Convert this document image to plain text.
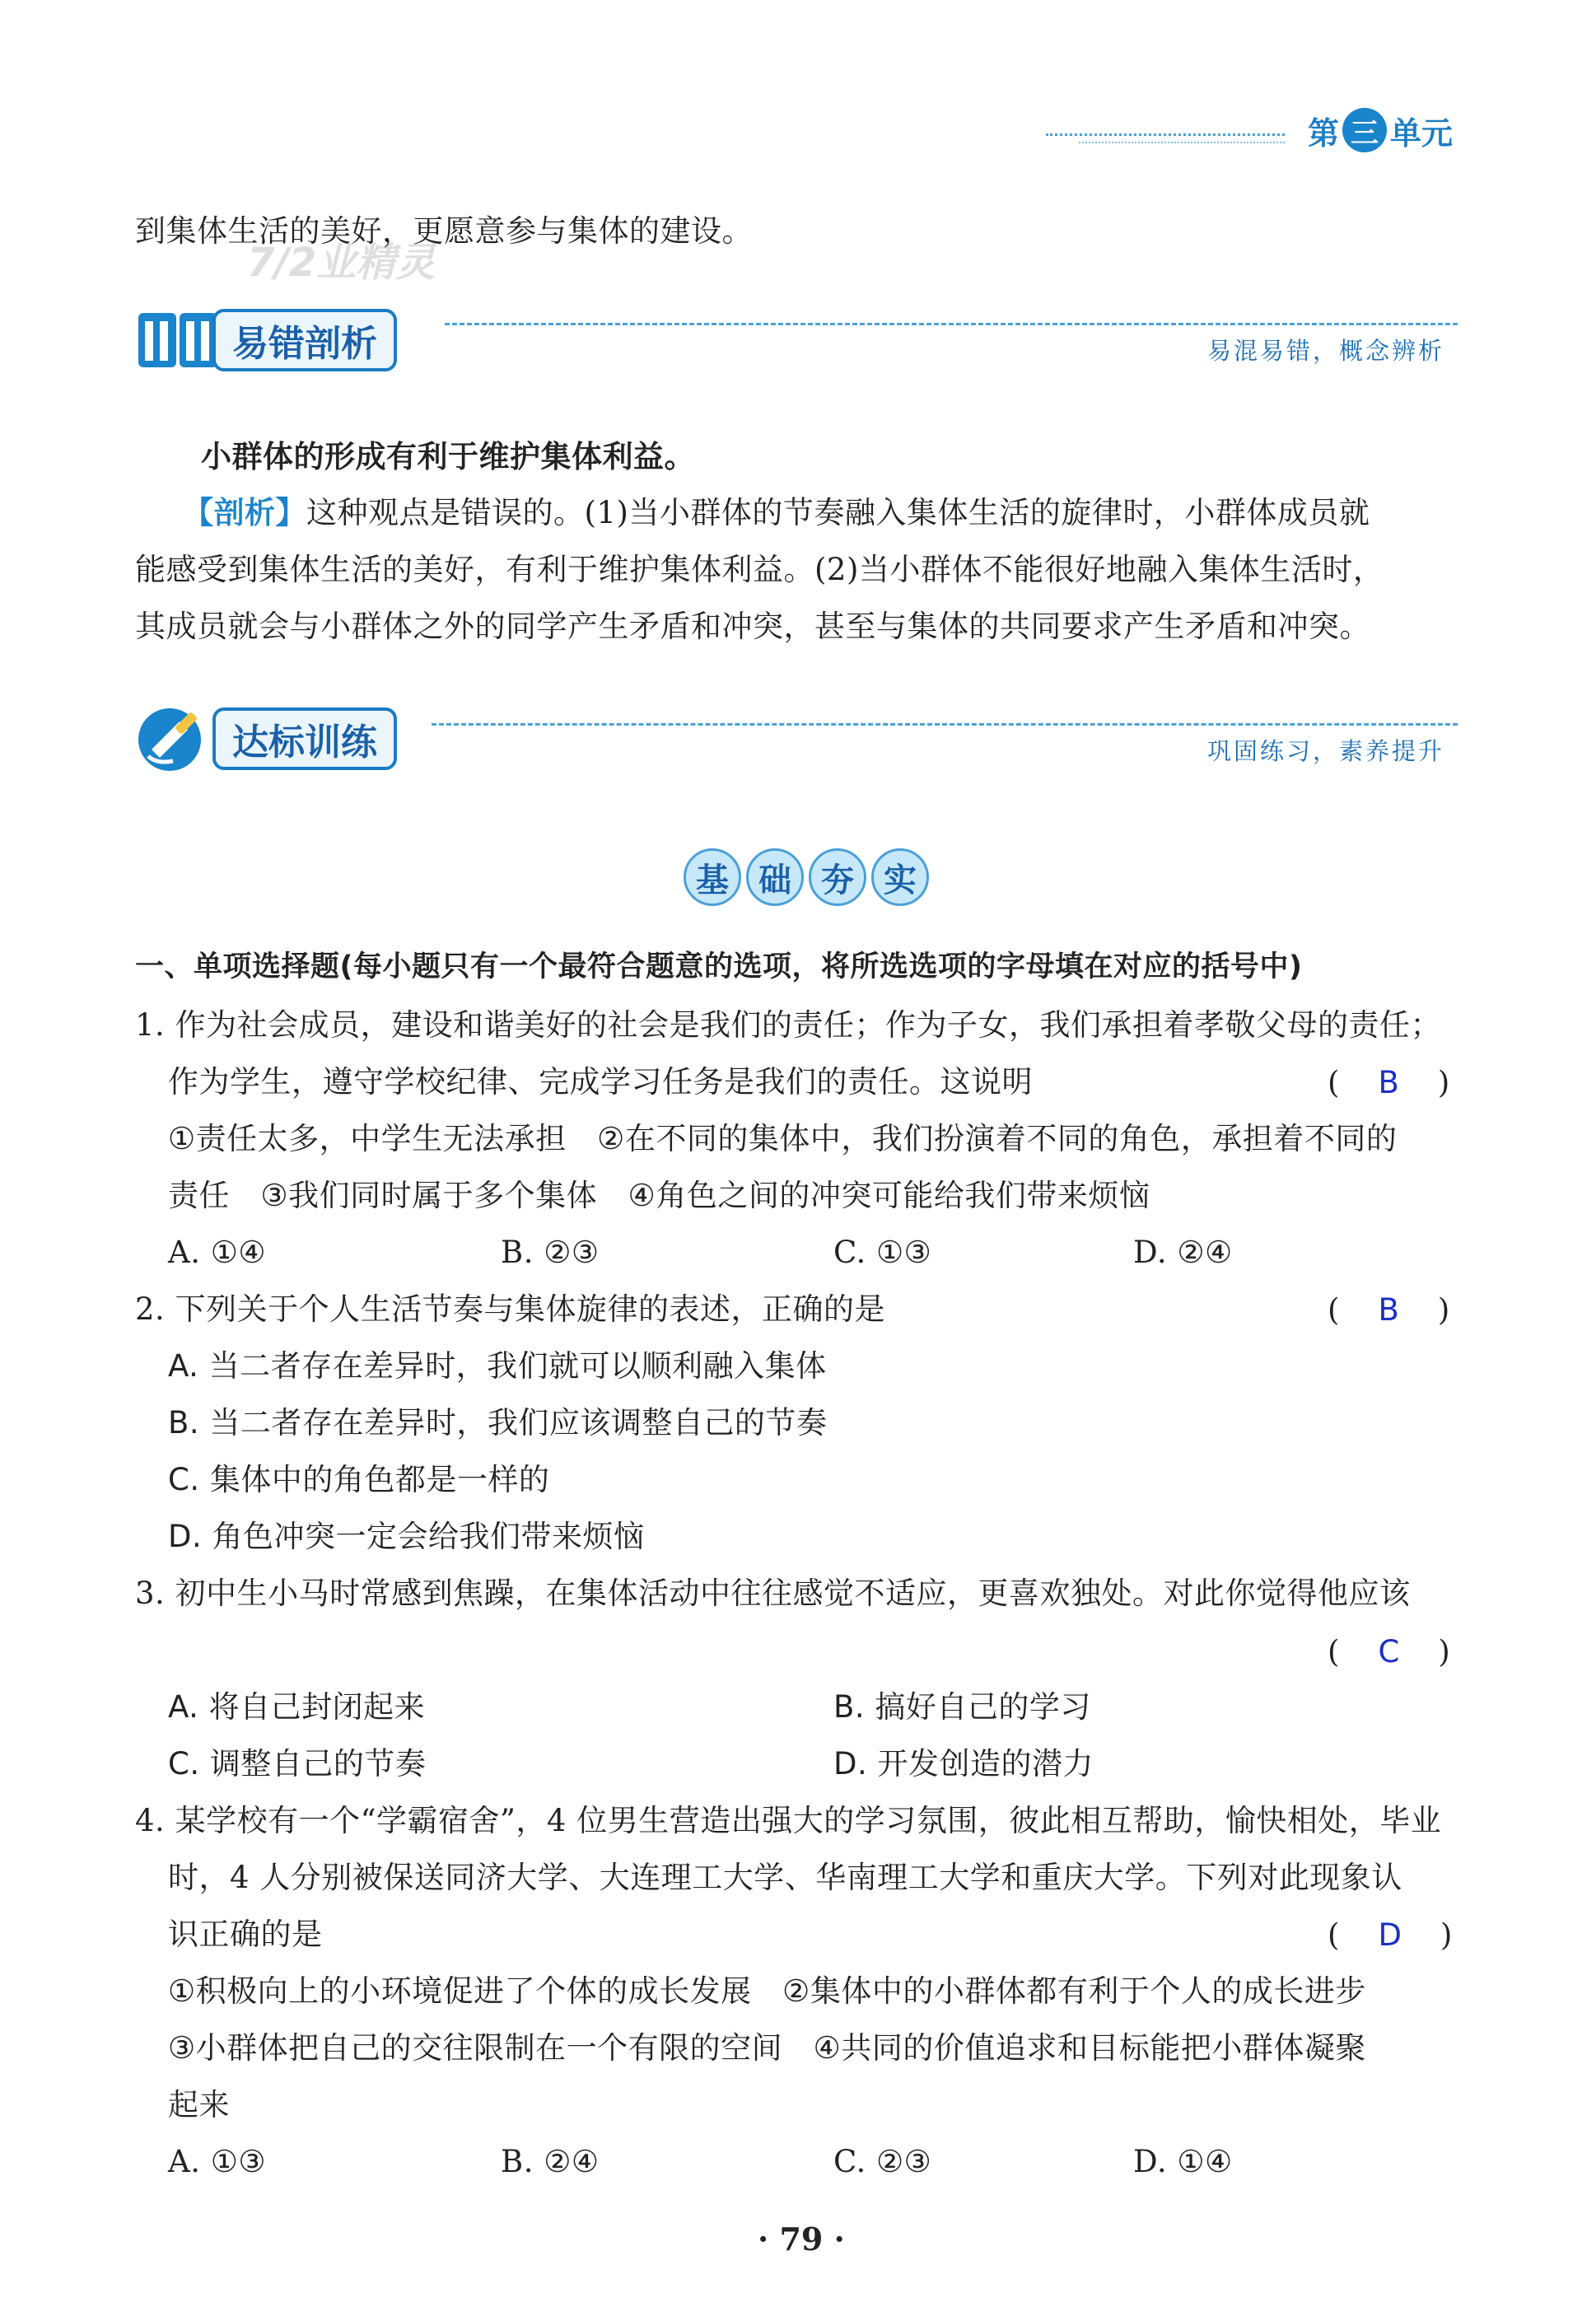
第 三 单元
到集体生活的美好，更愿意参与集体的建设。
7/2业精灵
易错剖析	易混易错，概念辨析
小群体的形成有利于维护集体利益。
【剖析】这种观点是错误的。(1)当小群体的节奏融入集体生活的旋律时，小群体成员就
能感受到集体生活的美好，有利于维护集体利益。(2)当小群体不能很好地融入集体生活时，
其成员就会与小群体之外的同学产生矛盾和冲突，甚至与集体的共同要求产生矛盾和冲突。
达标训练	巩固练习，素养提升
基 础 夯 实
一、单项选择题(每小题只有一个最符合题意的选项，将所选选项的字母填在对应的括号中)
1. 作为社会成员，建设和谐美好的社会是我们的责任；作为子女，我们承担着孝敬父母的责任；
作为学生，遵守学校纪律、完成学习任务是我们的责任。这说明	(    B    )
①责任太多，中学生无法承担　②在不同的集体中，我们扮演着不同的角色，承担着不同的
责任　③我们同时属于多个集体　④角色之间的冲突可能给我们带来烦恼
A. ①④	B. ②③	C. ①③	D. ②④
2. 下列关于个人生活节奏与集体旋律的表述，正确的是	(    B    )
A. 当二者存在差异时，我们就可以顺利融入集体
B. 当二者存在差异时，我们应该调整自己的节奏
C. 集体中的角色都是一样的
D. 角色冲突一定会给我们带来烦恼
3. 初中生小马时常感到焦躁，在集体活动中往往感觉不适应，更喜欢独处。对此你觉得他应该
(    C    )
A. 将自己封闭起来	B. 搞好自己的学习
C. 调整自己的节奏	D. 开发创造的潜力
4. 某学校有一个“学霸宿舍”，4 位男生营造出强大的学习氛围，彼此相互帮助，愉快相处，毕业
时，4 人分别被保送同济大学、大连理工大学、华南理工大学和重庆大学。下列对此现象认
识正确的是	(    D    )
①积极向上的小环境促进了个体的成长发展　②集体中的小群体都有利于个人的成长进步
③小群体把自己的交往限制在一个有限的空间　④共同的价值追求和目标能把小群体凝聚
起来
A. ①③	B. ②④	C. ②③	D. ①④
· 79 ·
